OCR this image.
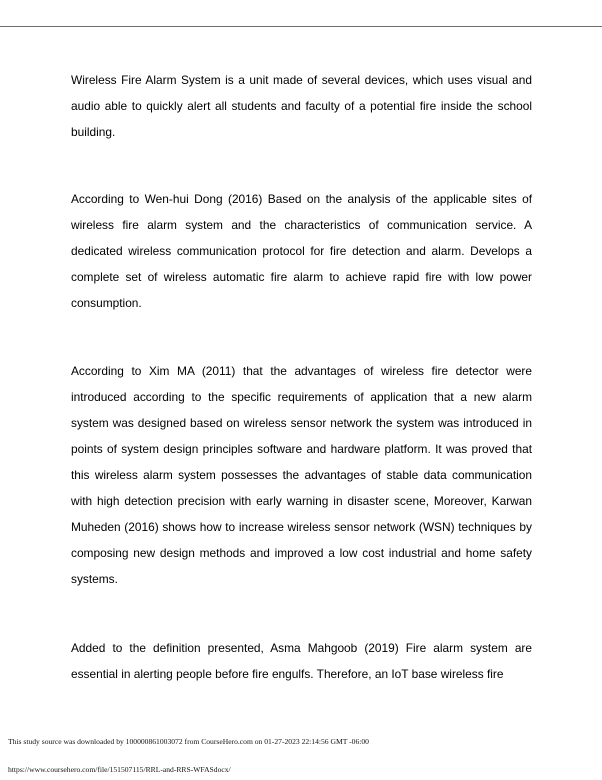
Wireless Fire Alarm System is a unit made of several devices, which uses visual and audio able to quickly alert all students and faculty of a potential fire inside the school building.

According to Wen-hui Dong (2016) Based on the analysis of the applicable sites of wireless fire alarm system and the characteristics of communication service. A dedicated wireless communication protocol for fire detection and alarm. Develops a complete set of wireless automatic fire alarm to achieve rapid fire with low power consumption.

According to Xim MA (2011) that the advantages of wireless fire detector were introduced according to the specific requirements of application that a new alarm system was designed based on wireless sensor network the system was introduced in points of system design principles software and hardware platform. It was proved that this wireless alarm system possesses the advantages of stable data communication with high detection precision with early warning in disaster scene, Moreover, Karwan Muheden (2016) shows how to increase wireless sensor network (WSN) techniques by composing new design methods and improved a low cost industrial and home safety systems.

Added to the definition presented, Asma Mahgoob (2019) Fire alarm system are essential in alerting people before fire engulfs. Therefore, an IoT base wireless fire

This study source was downloaded by 100000861003072 from CourseHero.com on 01-27-2023 22:14:56 GMT -06:00
https://www.coursehero.com/file/151507115/RRL-and-RRS-WFASdocx/
